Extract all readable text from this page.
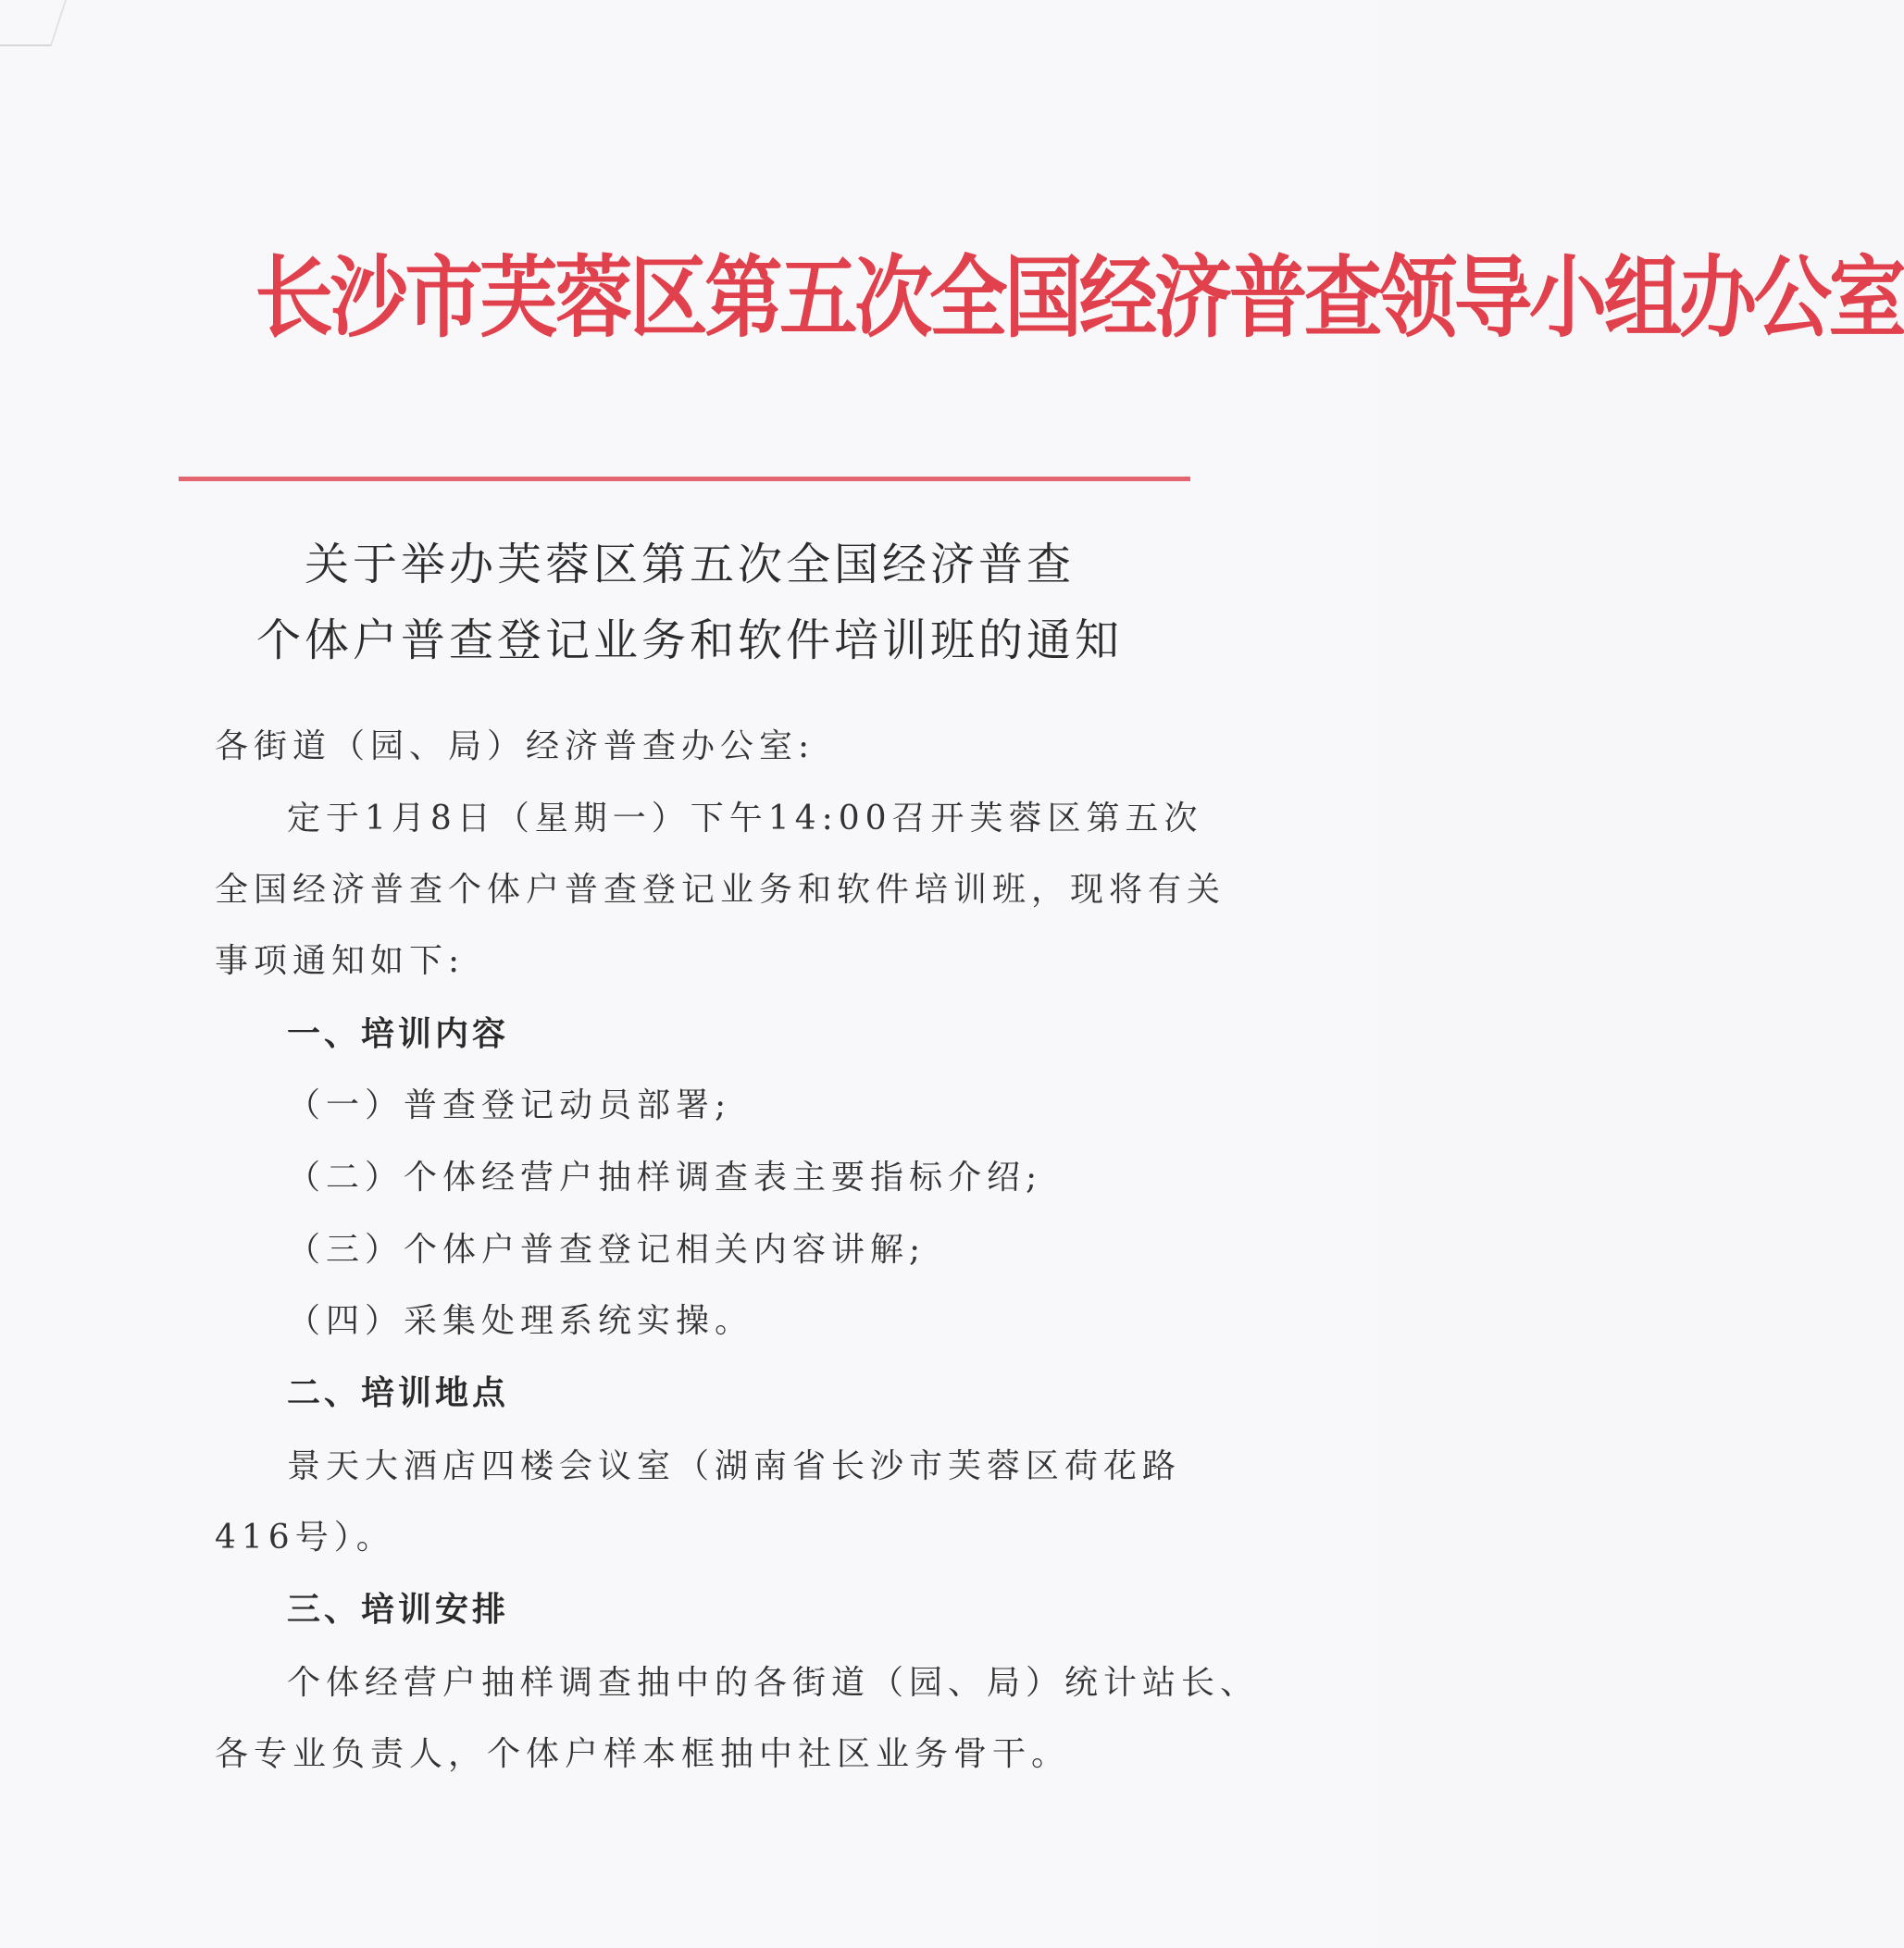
长沙市芙蓉区第五次全国经济普查领导小组办公室
关于举办芙蓉区第五次全国经济普查
个体户普查登记业务和软件培训班的通知
各街道（园、局）经济普查办公室:
定于1月8日（星期一）下午14:00召开芙蓉区第五次
全国经济普查个体户普查登记业务和软件培训班，现将有关
事项通知如下:
一、培训内容
（一）普查登记动员部署;
（二）个体经营户抽样调查表主要指标介绍;
（三）个体户普查登记相关内容讲解;
（四）采集处理系统实操。
二、培训地点
景天大酒店四楼会议室（湖南省长沙市芙蓉区荷花路
416号）。
三、培训安排
个体经营户抽样调查抽中的各街道（园、局）统计站长、
各专业负责人，个体户样本框抽中社区业务骨干。
